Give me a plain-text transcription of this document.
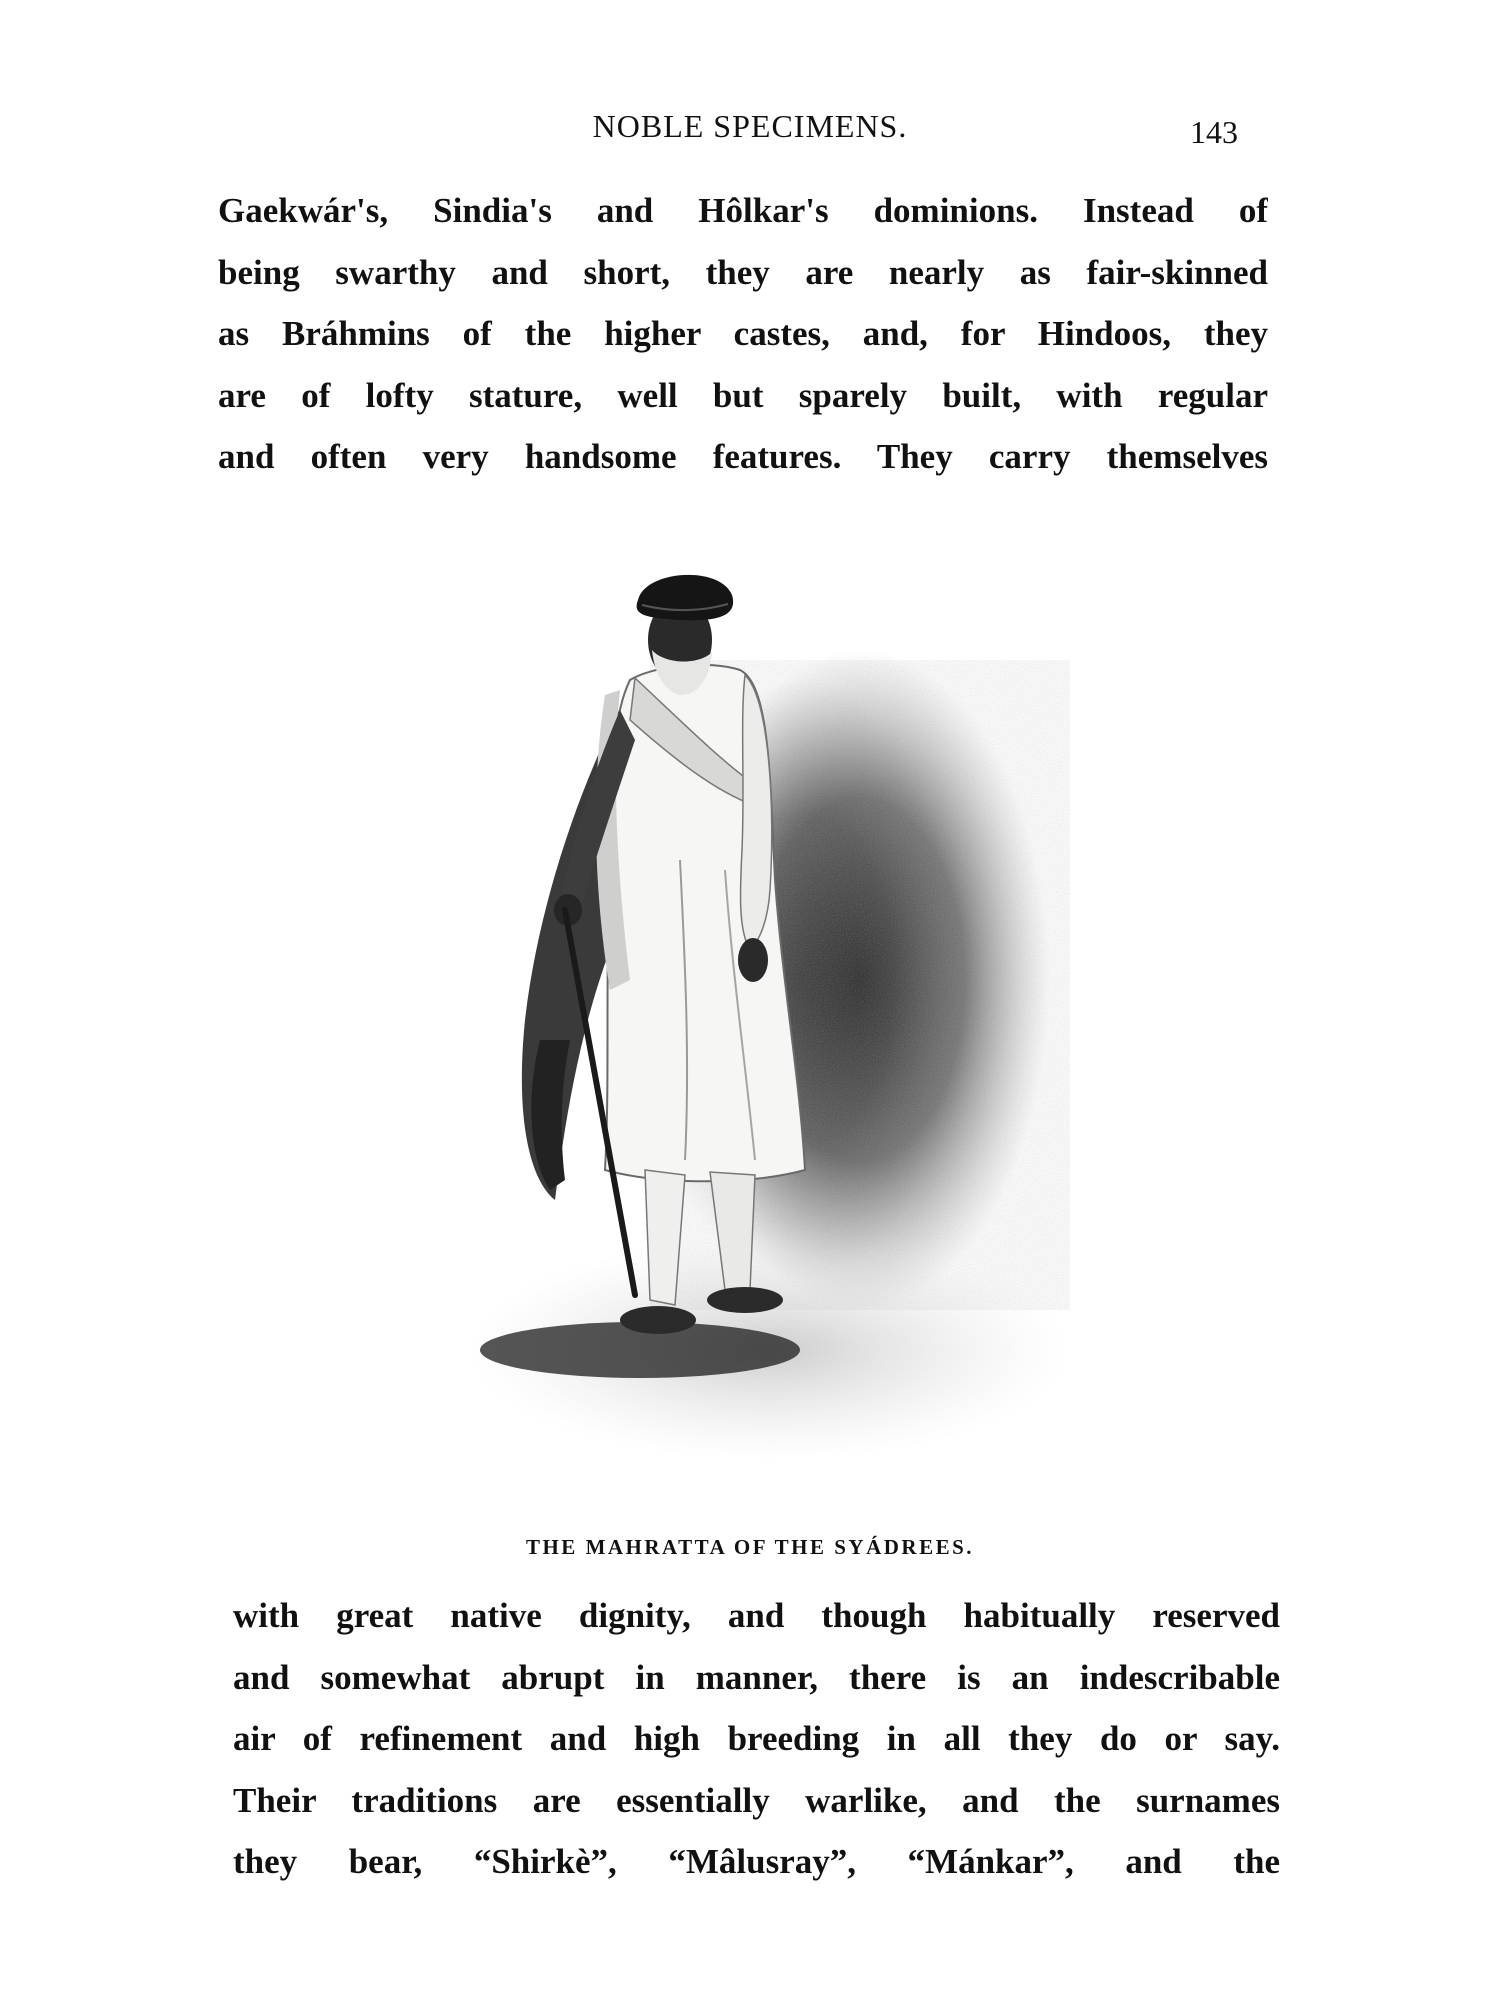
NOBLE SPECIMENS.	143
Gaekwár's, Sindia's and Hôlkar's dominions. Instead of
being swarthy and short, they are nearly as fair-skinned
as Bráhmins of the higher castes, and, for Hindoos, they
are of lofty stature, well but sparely built, with regular
and often very handsome features. They carry themselves
THE MAHRATTA OF THE SYÁDREES.
with great native dignity, and though habitually reserved
and somewhat abrupt in manner, there is an indescribable
air of refinement and high breeding in all they do or say.
Their traditions are essentially warlike, and the surnames
they bear, “Shirkè”, “Mâlusray”, “Mánkar”, and the
